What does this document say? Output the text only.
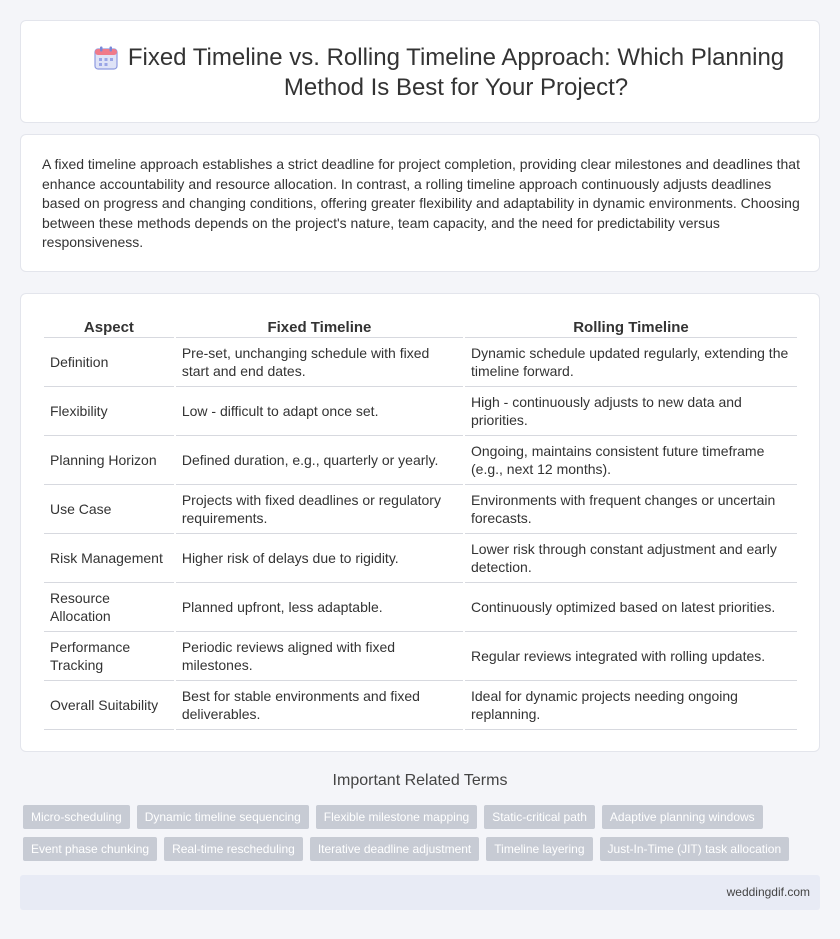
Fixed Timeline vs. Rolling Timeline Approach: Which Planning Method Is Best for Your Project?

A fixed timeline approach establishes a strict deadline for project completion, providing clear milestones and deadlines that enhance accountability and resource allocation. In contrast, a rolling timeline approach continuously adjusts deadlines based on progress and changing conditions, offering greater flexibility and adaptability in dynamic environments. Choosing between these methods depends on the project's nature, team capacity, and the need for predictability versus responsiveness.

Aspect	Fixed Timeline	Rolling Timeline
Definition	Pre-set, unchanging schedule with fixed start and end dates.	Dynamic schedule updated regularly, extending the timeline forward.
Flexibility	Low - difficult to adapt once set.	High - continuously adjusts to new data and priorities.
Planning Horizon	Defined duration, e.g., quarterly or yearly.	Ongoing, maintains consistent future timeframe (e.g., next 12 months).
Use Case	Projects with fixed deadlines or regulatory requirements.	Environments with frequent changes or uncertain forecasts.
Risk Management	Higher risk of delays due to rigidity.	Lower risk through constant adjustment and early detection.
Resource Allocation	Planned upfront, less adaptable.	Continuously optimized based on latest priorities.
Performance Tracking	Periodic reviews aligned with fixed milestones.	Regular reviews integrated with rolling updates.
Overall Suitability	Best for stable environments and fixed deliverables.	Ideal for dynamic projects needing ongoing replanning.
Important Related Terms
Micro-scheduling	Dynamic timeline sequencing	Flexible milestone mapping	Static-critical path	Adaptive planning windows
Event phase chunking	Real-time rescheduling	Iterative deadline adjustment	Timeline layering	Just-In-Time (JIT) task allocation
weddingdif.com
